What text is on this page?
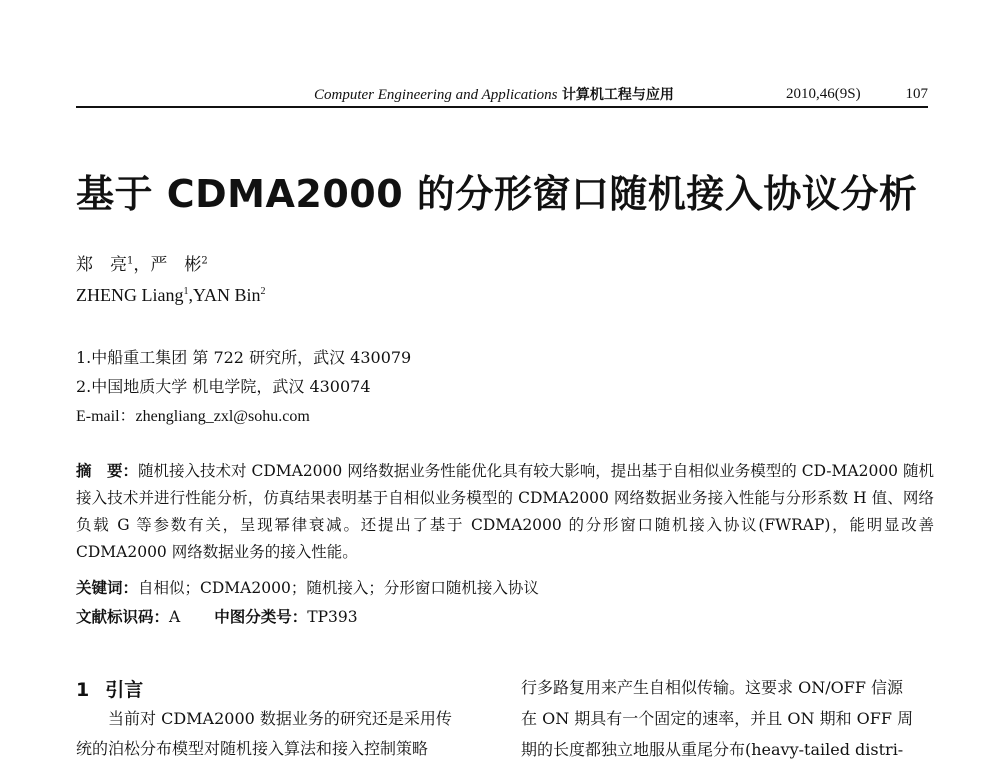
Computer Engineering and Applications 计算机工程与应用	2010,46(9S)	107
基于 CDMA2000 的分形窗口随机接入协议分析
郑　亮$^1$，严　彬$^2$
ZHENG Liang$^1$,YAN Bin$^2$
1.中船重工集团 第 722 研究所，武汉 430079
2.中国地质大学 机电学院，武汉 430074
E-mail：zhengliang_zxl@sohu.com
摘　要：随机接入技术对 CDMA2000 网络数据业务性能优化具有较大影响，提出基于自相似业务模型的 CD-MA2000 随机接入技术并进行性能分析，仿真结果表明基于自相似业务模型的 CDMA2000 网络数据业务接入性能与分形系数 H 值、网络负载 G 等参数有关，呈现幂律衰减。还提出了基于 CDMA2000 的分形窗口随机接入协议(FWRAP)，能明显改善 CDMA2000 网络数据业务的接入性能。
关键词：自相似；CDMA2000；随机接入；分形窗口随机接入协议
文献标识码：A 中图分类号：TP393
1 引言
当前对 CDMA2000 数据业务的研究还是采用传
统的泊松分布模型对随机接入算法和接入控制策略
行多路复用来产生自相似传输。这要求 ON/OFF 信源
在 ON 期具有一个固定的速率，并且 ON 期和 OFF 周
期的长度都独立地服从重尾分布(heavy-tailed distri-
